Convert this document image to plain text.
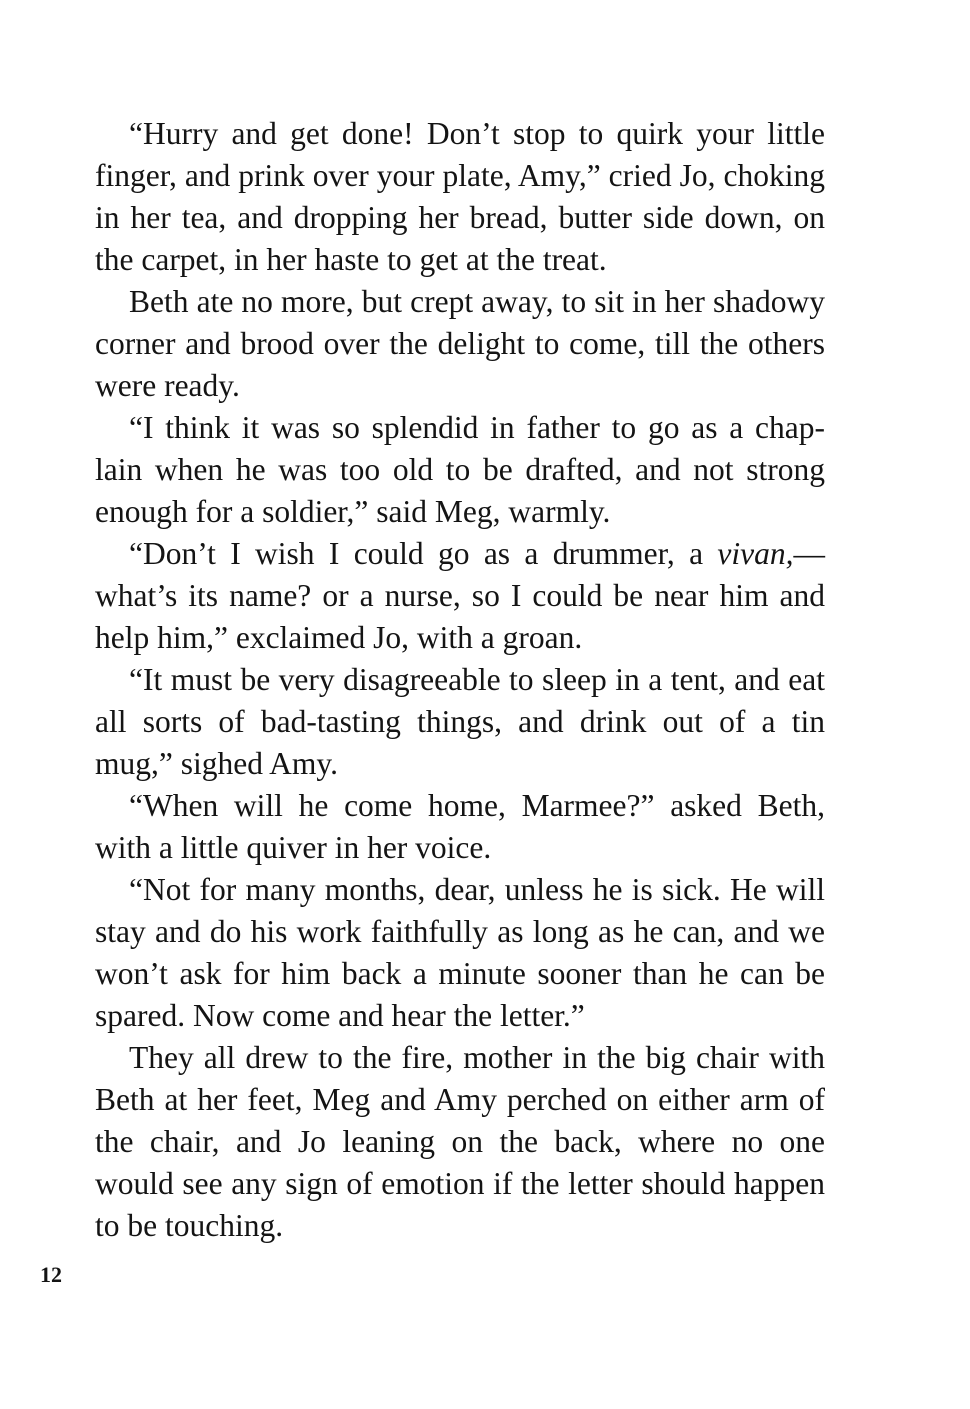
“Hurry and get done! Don’t stop to quirk your little finger, and prink over your plate, Amy,” cried Jo, choking in her tea, and dropping her bread, butter side down, on the carpet, in her haste to get at the treat.

Beth ate no more, but crept away, to sit in her shadowy corner and brood over the delight to come, till the others were ready.

“I think it was so splendid in father to go as a chap-lain when he was too old to be drafted, and not strong enough for a soldier,” said Meg, warmly.

“Don’t I wish I could go as a drummer, a vivan,—what’s its name? or a nurse, so I could be near him and help him,” exclaimed Jo, with a groan.

“It must be very disagreeable to sleep in a tent, and eat all sorts of bad-tasting things, and drink out of a tin mug,” sighed Amy.

“When will he come home, Marmee?” asked Beth, with a little quiver in her voice.

“Not for many months, dear, unless he is sick. He will stay and do his work faithfully as long as he can, and we won’t ask for him back a minute sooner than he can be spared. Now come and hear the letter.”

They all drew to the fire, mother in the big chair with Beth at her feet, Meg and Amy perched on either arm of the chair, and Jo leaning on the back, where no one would see any sign of emotion if the letter should happen to be touching.

12
